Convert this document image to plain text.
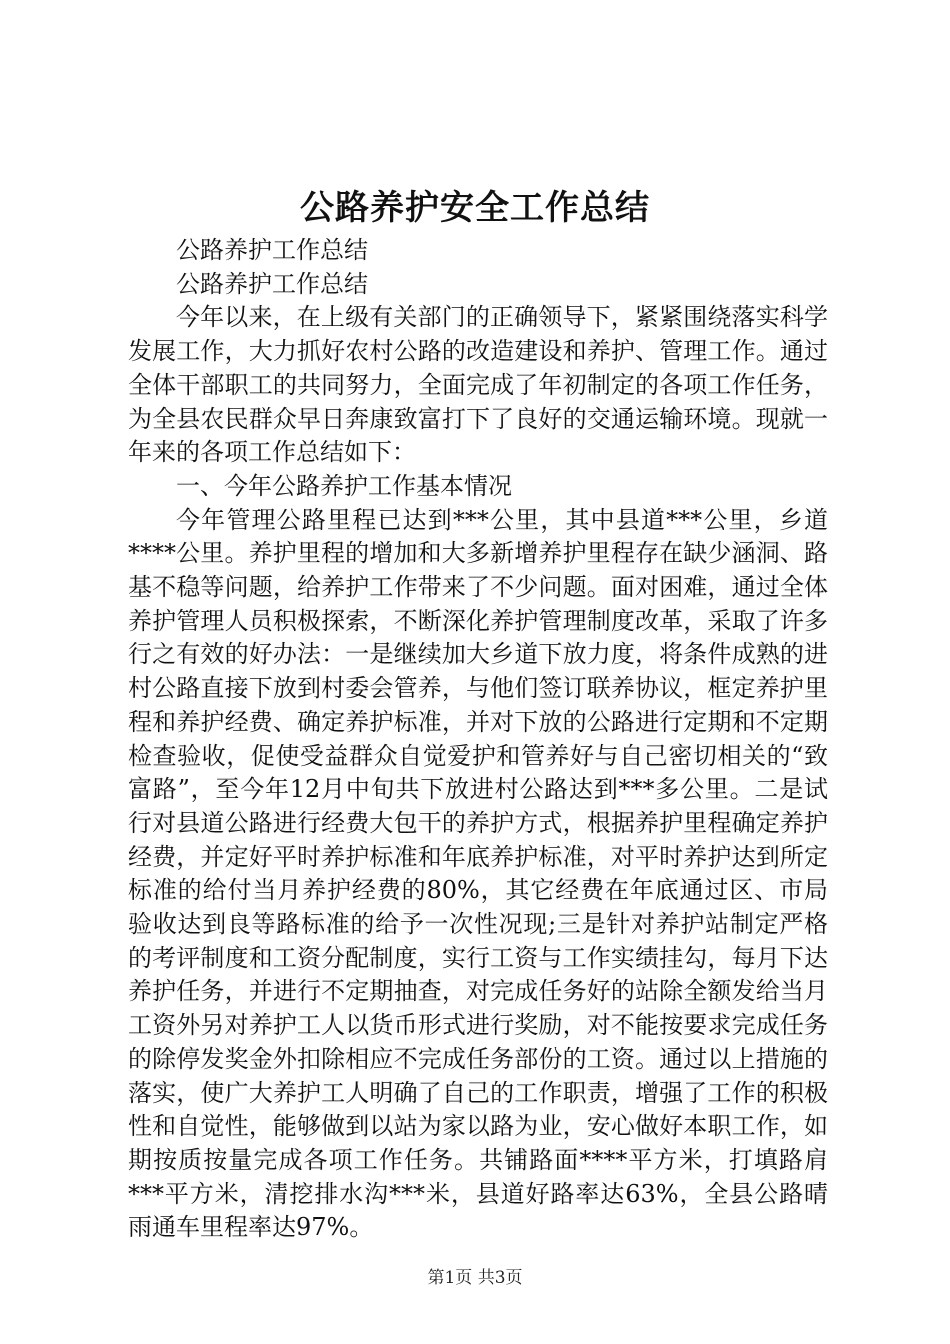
公路养护安全工作总结

公路养护工作总结

公路养护工作总结

今年以来，在上级有关部门的正确领导下，紧紧围绕落实科学发展工作，大力抓好农村公路的改造建设和养护、管理工作。通过全体干部职工的共同努力，全面完成了年初制定的各项工作任务，为全县农民群众早日奔康致富打下了良好的交通运输环境。现就一年来的各项工作总结如下：

一、今年公路养护工作基本情况

今年管理公路里程已达到***公里，其中县道***公里，乡道****公里。养护里程的增加和大多新增养护里程存在缺少涵洞、路基不稳等问题，给养护工作带来了不少问题。面对困难，通过全体养护管理人员积极探索，不断深化养护管理制度改革，采取了许多行之有效的好办法：一是继续加大乡道下放力度，将条件成熟的进村公路直接下放到村委会管养，与他们签订联养协议，框定养护里程和养护经费、确定养护标准，并对下放的公路进行定期和不定期检查验收，促使受益群众自觉爱护和管养好与自己密切相关的“致富路”，至今年12月中旬共下放进村公路达到***多公里。二是试行对县道公路进行经费大包干的养护方式，根据养护里程确定养护经费，并定好平时养护标准和年底养护标准，对平时养护达到所定标准的给付当月养护经费的80%，其它经费在年底通过区、市局验收达到良等路标准的给予一次性况现;三是针对养护站制定严格的考评制度和工资分配制度，实行工资与工作实绩挂勾，每月下达养护任务，并进行不定期抽查，对完成任务好的站除全额发给当月工资外另对养护工人以货币形式进行奖励，对不能按要求完成任务的除停发奖金外扣除相应不完成任务部份的工资。通过以上措施的落实，使广大养护工人明确了自己的工作职责，增强了工作的积极性和自觉性，能够做到以站为家以路为业，安心做好本职工作，如期按质按量完成各项工作任务。共铺路面****平方米，打填路肩***平方米，清挖排水沟***米，县道好路率达63%，全县公路晴雨通车里程率达97%。

第1页 共3页
